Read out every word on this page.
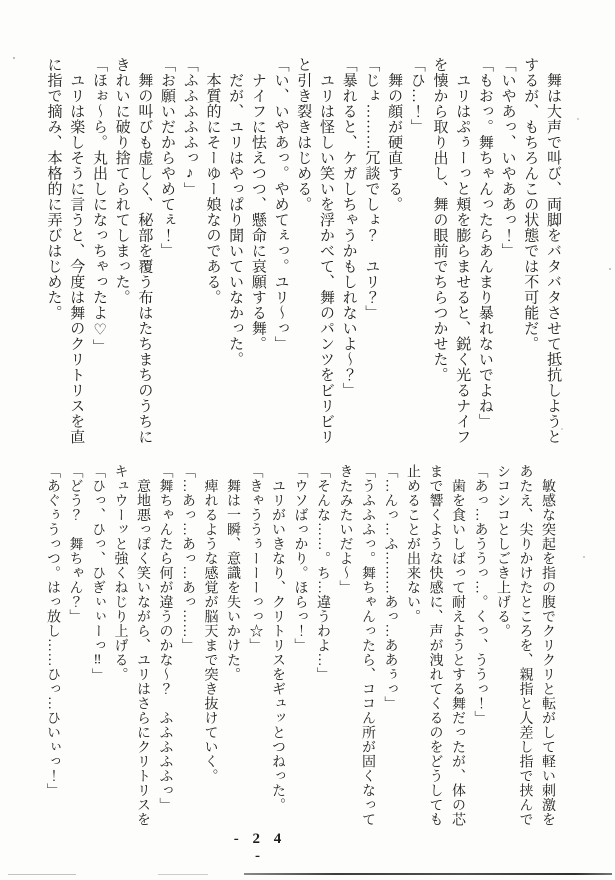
　舞は大声で叫び、両脚をバタバタさせて抵抗しようと

するが、もちろんこの状態では不可能だ。

「いやあっ、いやああっ！」

「もおっ。舞ちゃんったらあんまり暴れないでよね」

　ユリはぷぅーっと頬を膨らませると、鋭く光るナイフ

を懐から取り出し、舞の眼前でちらつかせた。

「ひ…！」

　舞の顔が硬直する。

「じょ………冗談でしょ？　ユリ？」

「暴れると、ケガしちゃうかもしれないよ〜？」

　ユリは怪しい笑いを浮かべて、舞のパンツをビリビリ

と引き裂きはじめる。

「い、いやあっ。やめてぇっ。ユリ〜っ」

　ナイフに怯えつつ、懸命に哀願する舞。

　だが、ユリはやっぱり聞いていなかった。

　本質的にそーゆー娘なのである。

「ふふふふふっ♪」

「お願いだからやめてぇ！」

　舞の叫びも虚しく、秘部を覆う布はたちまちのうちに

きれいに破り捨てられてしまった。

「ほぉ〜ら。丸出しになっちゃったよ♡」

　ユリは楽しそうに言うと、今度は舞のクリトリスを直

に指で摘み、本格的に弄びはじめた。

　敏感な突起を指の腹でクリクリと転がして軽い刺激を

あたえ、尖りかけたところを、親指と人差し指で挟んで

シコシコとしごき上げる。

「あっ…あううっ…。くっ、ううっ！」

　歯を食いしばって耐えようとする舞だったが、体の芯

まで響くような快感に、声が洩れてくるのをどうしても

止めることが出来ない。

「…んっ…ふ………あっ…ああぅっ」

「うふふふっ。舞ちゃんったら、ココん所が固くなって

きたみたいだよ〜」

「そんな……。ち…違うわよ…」

「ウソばっかり。ほらっ！」

　ユリがいきなり、クリトリスをギュッとつねった。

「きゃううぅーーーっっ☆」

　舞は一瞬、意識を失いかけた。

　痺れるような感覚が脳天まで突き抜けていく。

「…あっ…あっ…あっ……」

「舞ちゃんたら何が違うのかな〜？　ふふふふふっ」

　意地悪っぽく笑いながら、ユリはさらにクリトリスを

キュウーッと強くねじり上げる。

「ひっ、ひっ、ひぎぃぃーっ‼」

「どう？　舞ちゃん？」

「あぐぅうっつ。はっ放し……ひっ…ひいぃっ！」

- 2 4 -
